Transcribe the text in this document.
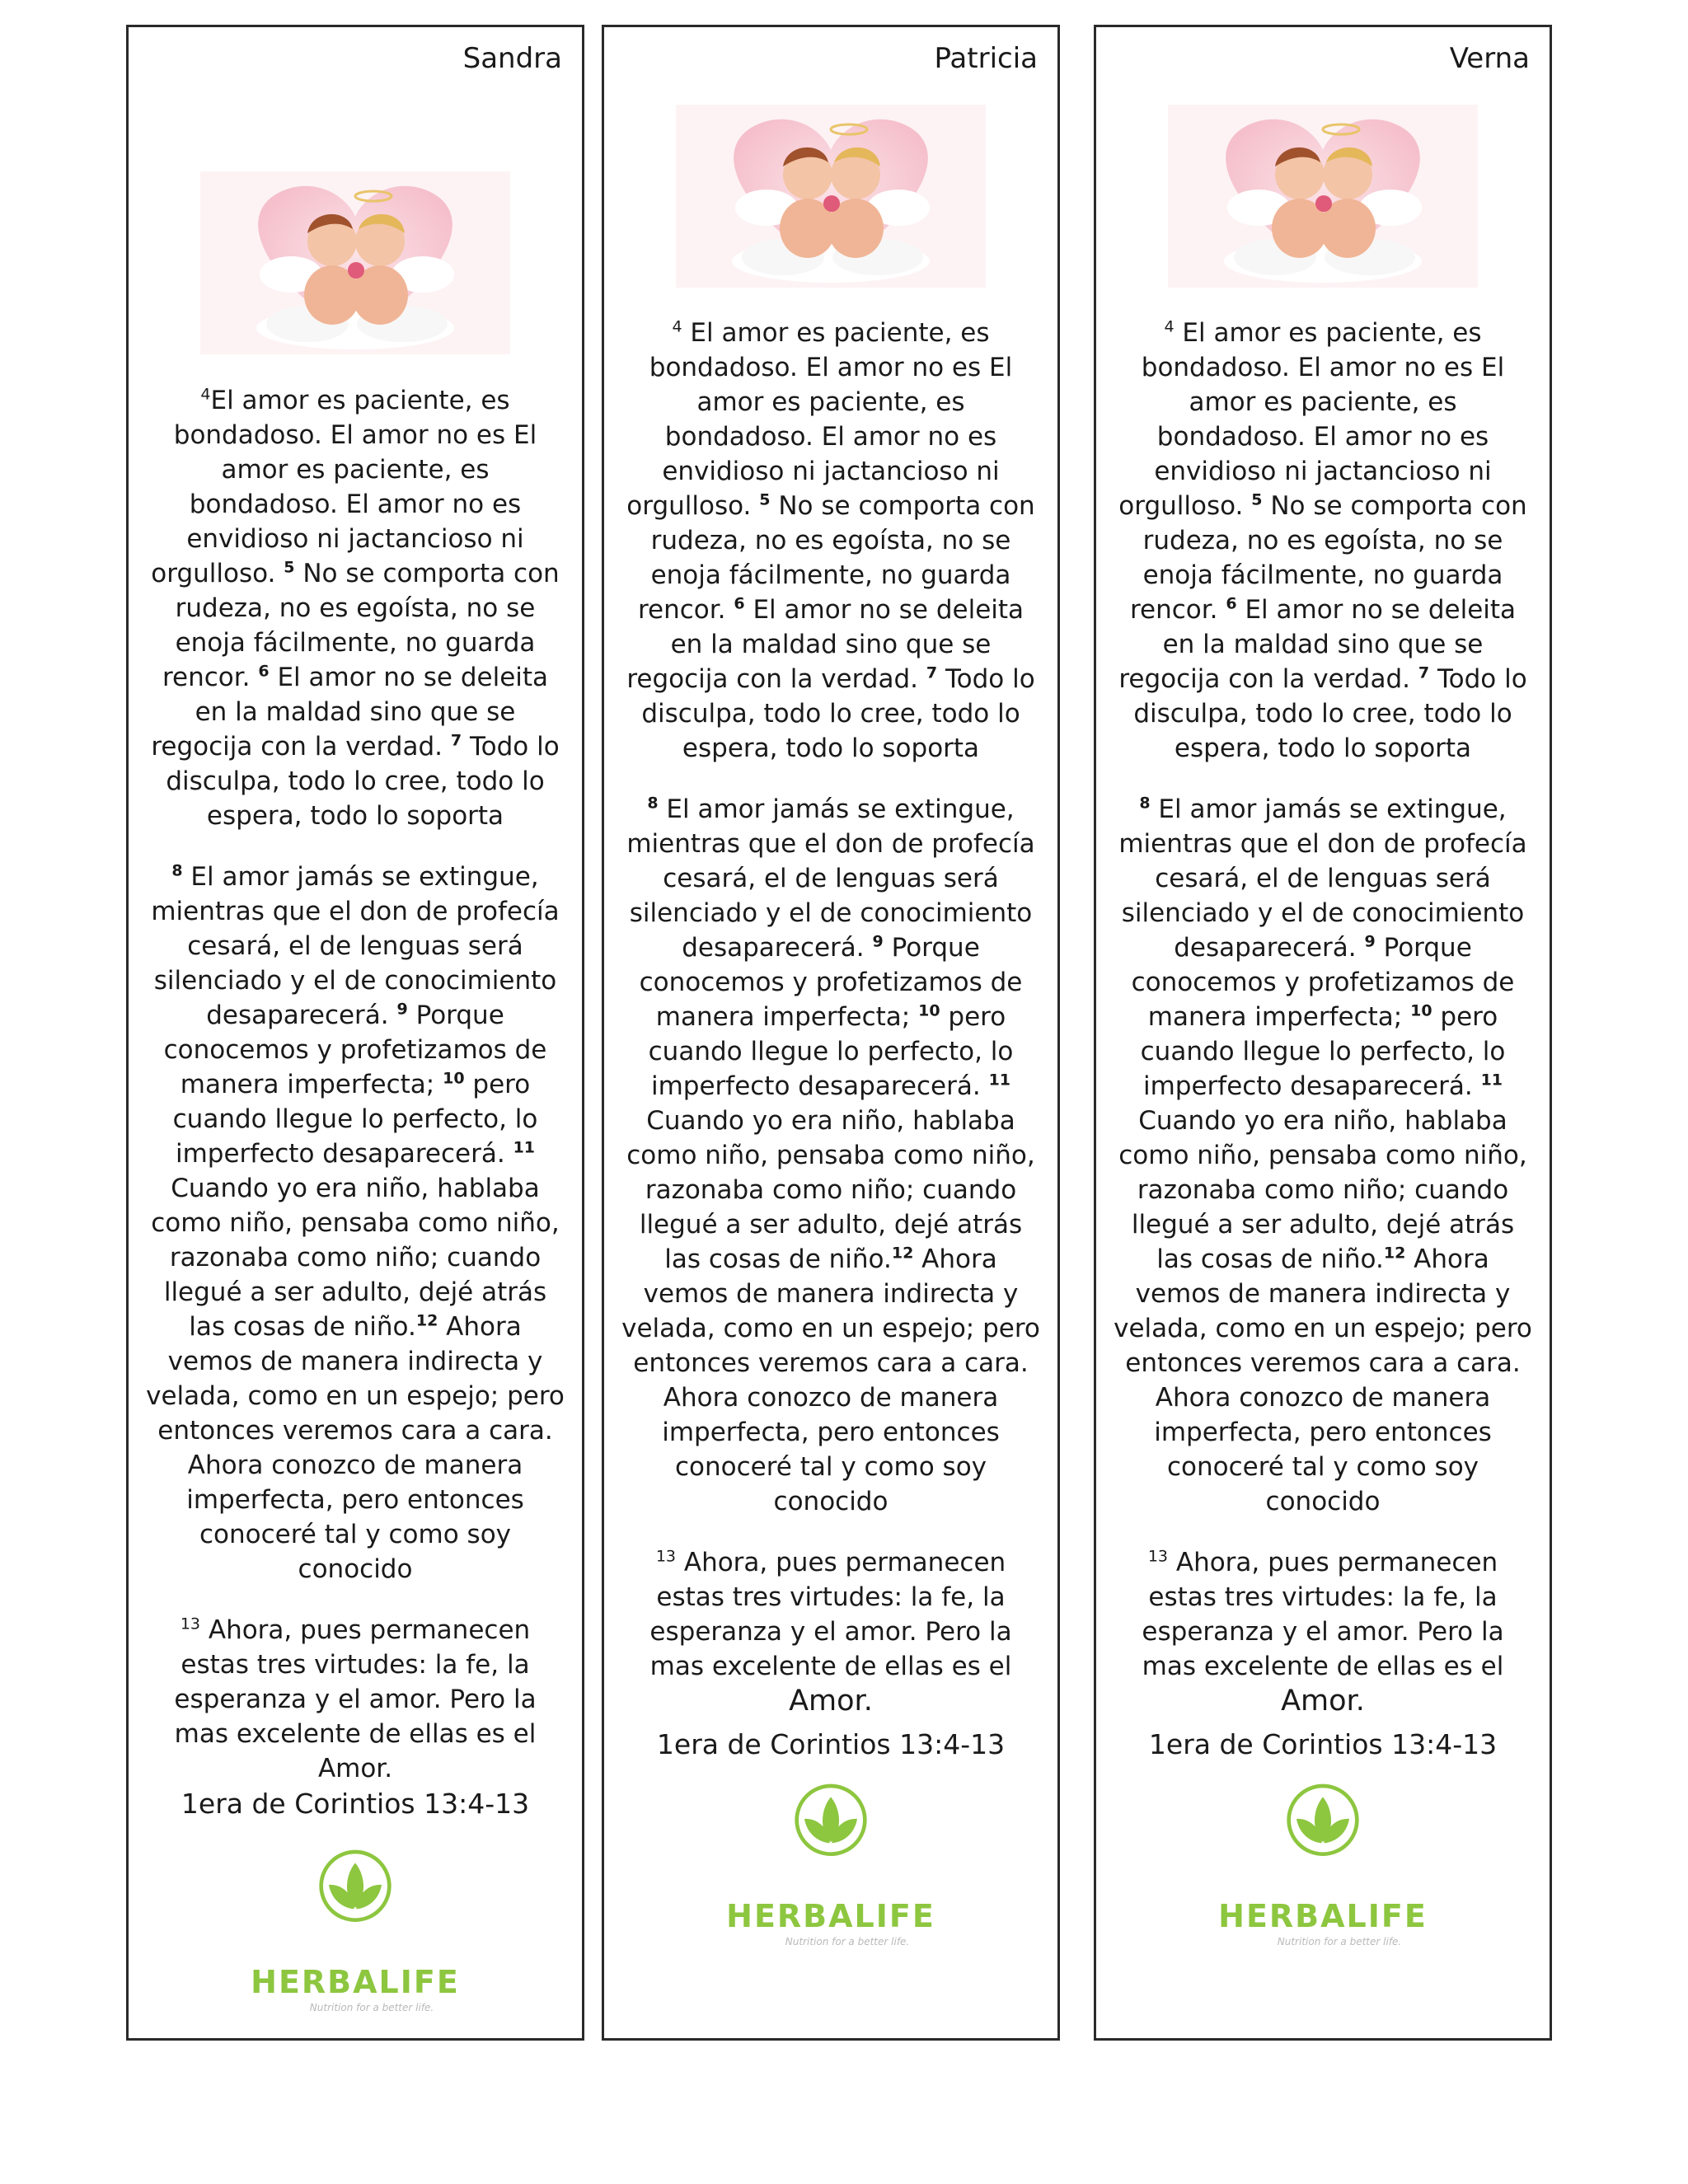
Sandra

$^4$El amor es paciente, es bondadoso. El amor no es El amor es paciente, es bondadoso. El amor no es envidioso ni jactancioso ni orgulloso. $^5$ No se comporta con rudeza, no es egoísta, no se enoja fácilmente, no guarda rencor. $^6$ El amor no se deleita en la maldad sino que se regocija con la verdad. $^7$ Todo lo disculpa, todo lo cree, todo lo espera, todo lo soporta

$^8$ El amor jamás se extingue, mientras que el don de profecía cesará, el de lenguas será silenciado y el de conocimiento desaparecerá. $^9$ Porque conocemos y profetizamos de manera imperfecta; $^{10}$ pero cuando llegue lo perfecto, lo imperfecto desaparecerá. $^{11}$ Cuando yo era niño, hablaba como niño, pensaba como niño, razonaba como niño; cuando llegué a ser adulto, dejé atrás las cosas de niño.$^{12}$ Ahora vemos de manera indirecta y velada, como en un espejo; pero entonces veremos cara a cara. Ahora conozco de manera imperfecta, pero entonces conoceré tal y como soy conocido

$^{13}$ Ahora, pues permanecen estas tres virtudes: la fe, la esperanza y el amor. Pero la mas excelente de ellas es el Amor.

1era de Corintios 13:4-13
HERBALIFE
Nutrition for a better life.
Patricia

$^4$ El amor es paciente, es bondadoso. El amor no es El amor es paciente, es bondadoso. El amor no es envidioso ni jactancioso ni orgulloso. $^5$ No se comporta con rudeza, no es egoísta, no se enoja fácilmente, no guarda rencor. $^6$ El amor no se deleita en la maldad sino que se regocija con la verdad. $^7$ Todo lo disculpa, todo lo cree, todo lo espera, todo lo soporta

$^8$ El amor jamás se extingue, mientras que el don de profecía cesará, el de lenguas será silenciado y el de conocimiento desaparecerá. $^9$ Porque conocemos y profetizamos de manera imperfecta; $^{10}$ pero cuando llegue lo perfecto, lo imperfecto desaparecerá. $^{11}$ Cuando yo era niño, hablaba como niño, pensaba como niño, razonaba como niño; cuando llegué a ser adulto, dejé atrás las cosas de niño.$^{12}$ Ahora vemos de manera indirecta y velada, como en un espejo; pero entonces veremos cara a cara. Ahora conozco de manera imperfecta, pero entonces conoceré tal y como soy conocido

$^{13}$ Ahora, pues permanecen estas tres virtudes: la fe, la esperanza y el amor. Pero la mas excelente de ellas es el
Amor.

1era de Corintios 13:4-13
HERBALIFE
Nutrition for a better life.
Verna

$^4$ El amor es paciente, es bondadoso. El amor no es El amor es paciente, es bondadoso. El amor no es envidioso ni jactancioso ni orgulloso. $^5$ No se comporta con rudeza, no es egoísta, no se enoja fácilmente, no guarda rencor. $^6$ El amor no se deleita en la maldad sino que se regocija con la verdad. $^7$ Todo lo disculpa, todo lo cree, todo lo espera, todo lo soporta

$^8$ El amor jamás se extingue, mientras que el don de profecía cesará, el de lenguas será silenciado y el de conocimiento desaparecerá. $^9$ Porque conocemos y profetizamos de manera imperfecta; $^{10}$ pero cuando llegue lo perfecto, lo imperfecto desaparecerá. $^{11}$ Cuando yo era niño, hablaba como niño, pensaba como niño, razonaba como niño; cuando llegué a ser adulto, dejé atrás las cosas de niño.$^{12}$ Ahora vemos de manera indirecta y velada, como en un espejo; pero entonces veremos cara a cara. Ahora conozco de manera imperfecta, pero entonces conoceré tal y como soy conocido

$^{13}$ Ahora, pues permanecen estas tres virtudes: la fe, la esperanza y el amor. Pero la mas excelente de ellas es el
Amor.

1era de Corintios 13:4-13
HERBALIFE
Nutrition for a better life.
